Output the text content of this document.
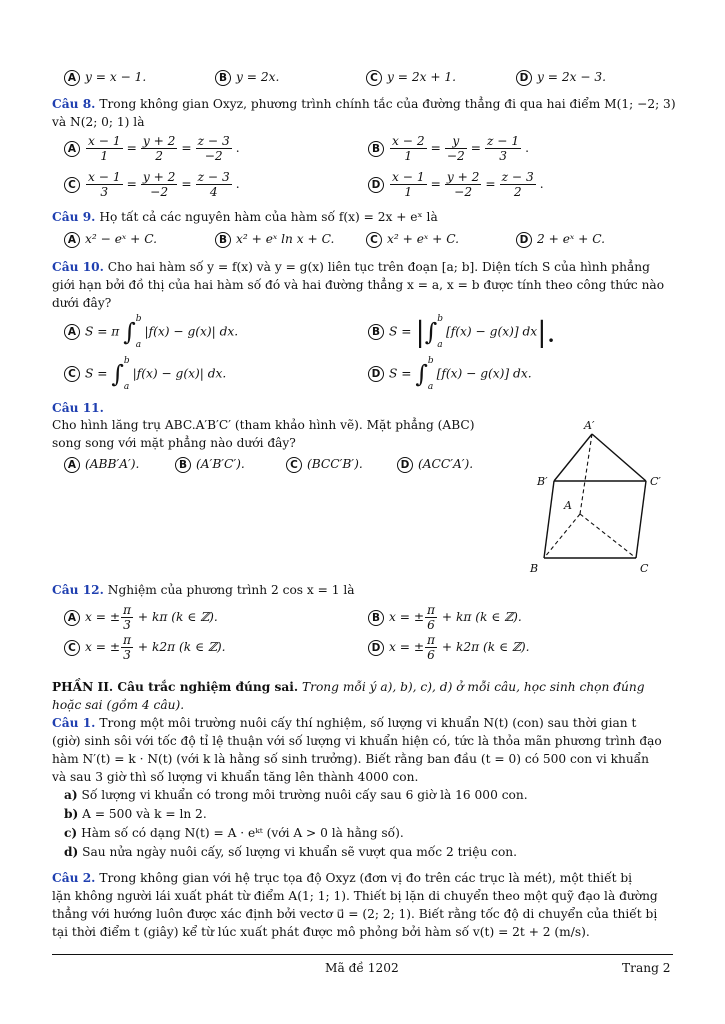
A y = x − 1.	B y = 2x.	C y = 2x + 1.	D y = 2x − 3.
Câu 8. Trong không gian Oxyz, phương trình chính tắc của đường thẳng đi qua hai điểm M(1; −2; 3)
và N(2; 0; 1) là
A $\frac{x - 1}{1} = \frac{y + 2}{2} = \frac{z - 3}{-2}$ .	B $\frac{x - 2}{1} = \frac{y}{-2} = \frac{z - 1}{3}$ .
C $\frac{x - 1}{3} = \frac{y + 2}{-2} = \frac{z - 3}{4}$ .	D $\frac{x - 1}{1} = \frac{y + 2}{-2} = \frac{z - 3}{2}$ .
Câu 9. Họ tất cả các nguyên hàm của hàm số f(x) = 2x + eˣ là
A x² − eˣ + C.	B x² + eˣ ln x + C.	C x² + eˣ + C.	D 2 + eˣ + C.
Câu 10. Cho hai hàm số y = f(x) và y = g(x) liên tục trên đoạn [a; b]. Diện tích S của hình phẳng
giới hạn bởi đồ thị của hai hàm số đó và hai đường thẳng x = a, x = b được tính theo công thức nào
dưới đây?
A S = π ∫ b
a
|f(x) − g(x)| dx.	B S = |∫ b
a
[f(x) − g(x)] dx|.
C S = ∫ b
a
|f(x) − g(x)| dx.	D S = ∫ b
a
[f(x) − g(x)] dx.
Câu 11.
Cho hình lăng trụ ABC.A′B′C′ (tham khảo hình vẽ). Mặt phẳng (ABC)
song song với mặt phẳng nào dưới đây?
A (ABB′A′).	B (A′B′C′).	C (BCC′B′).	D (ACC′A′).
A′
B′	C′
A
B	C
Câu 12. Nghiệm của phương trình 2 cos x = 1 là
A x = ± $\frac{\pi}{3} + k\pi$ (k ∈ ℤ).	B x = ± $\frac{\pi}{6} + k\pi$ (k ∈ ℤ).
C x = ± $\frac{\pi}{3} + k2\pi$ (k ∈ ℤ).	D x = ± $\frac{\pi}{6} + k2\pi$ (k ∈ ℤ).
PHẦN II. Câu trắc nghiệm đúng sai. Trong mỗi ý a), b), c), d) ở mỗi câu, học sinh chọn đúng
hoặc sai (gồm 4 câu).
Câu 1. Trong một môi trường nuôi cấy thí nghiệm, số lượng vi khuẩn N(t) (con) sau thời gian t
(giờ) sinh sôi với tốc độ tỉ lệ thuận với số lượng vi khuẩn hiện có, tức là thỏa mãn phương trình đạo
hàm N′(t) = k · N(t) (với k là hằng số sinh trưởng). Biết rằng ban đầu (t = 0) có 500 con vi khuẩn
và sau 3 giờ thì số lượng vi khuẩn tăng lên thành 4000 con.
a) Số lượng vi khuẩn có trong môi trường nuôi cấy sau 6 giờ là 16 000 con.
b) A = 500 và k = ln 2.
c) Hàm số có dạng N(t) = A · eᵏᵗ (với A > 0 là hằng số).
d) Sau nửa ngày nuôi cấy, số lượng vi khuẩn sẽ vượt qua mốc 2 triệu con.
Câu 2. Trong không gian với hệ trục tọa độ Oxyz (đơn vị đo trên các trục là mét), một thiết bị
lặn không người lái xuất phát từ điểm A(1; 1; 1). Thiết bị lặn di chuyển theo một quỹ đạo là đường
thẳng với hướng luôn được xác định bởi vectơ u⃗ = (2; 2; 1). Biết rằng tốc độ di chuyển của thiết bị
tại thời điểm t (giây) kể từ lúc xuất phát được mô phỏng bởi hàm số v(t) = 2t + 2 (m/s).
Mã đề 1202	Trang 2
